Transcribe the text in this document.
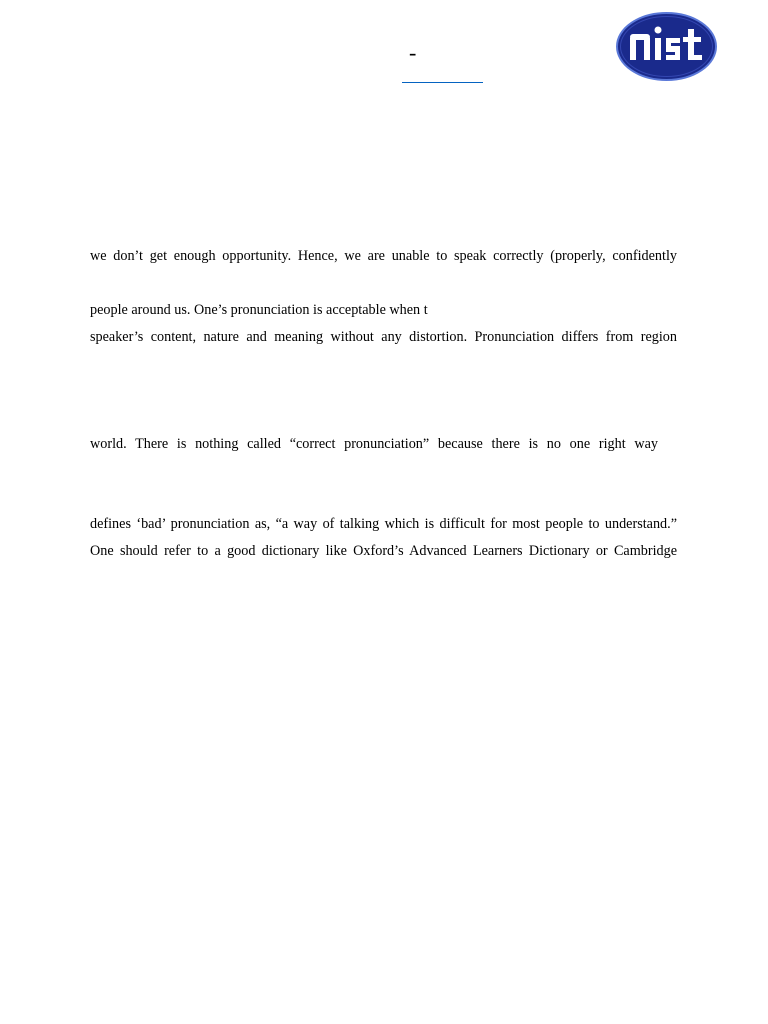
-
we don’t get enough opportunity. Hence, we are unable to speak correctly (properly, confidently
people around us. One’s pronunciation is acceptable when t
speaker’s content, nature and meaning without any distortion. Pronunciation differs from region
world. There is nothing called “correct pronunciation” because there is no one right way
defines ‘bad’ pronunciation as, “a way of talking which is difficult for most people to understand.”
One should refer to a good dictionary like Oxford’s Advanced Learners Dictionary or Cambridge
